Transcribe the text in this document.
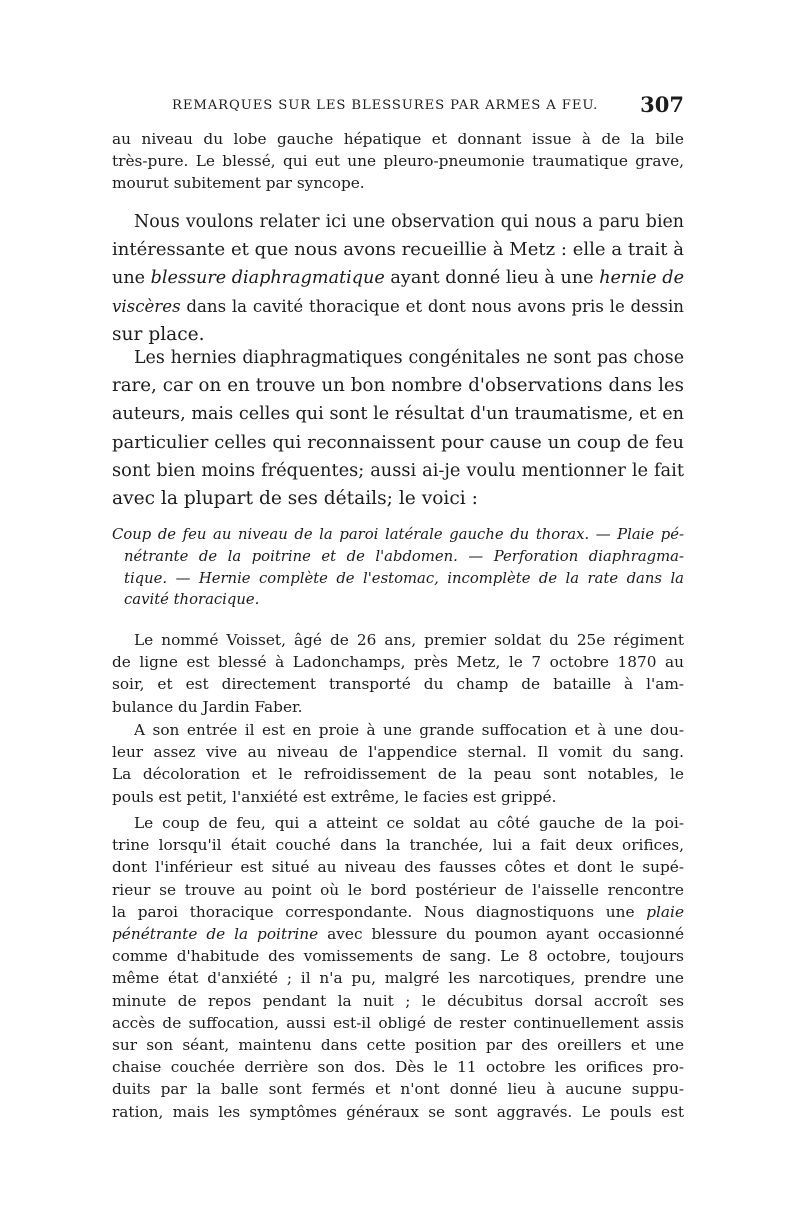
REMARQUES SUR LES BLESSURES PAR ARMES A FEU. 307
au niveau du lobe gauche hépatique et donnant issue à de la bile
très-pure. Le blessé, qui eut une pleuro-pneumonie traumatique grave,
mourut subitement par syncope.
Nous voulons relater ici une observation qui nous a paru bien
intéressante et que nous avons recueillie à Metz : elle a trait à
une blessure diaphragmatique ayant donné lieu à une hernie de
viscères dans la cavité thoracique et dont nous avons pris le dessin
sur place.
Les hernies diaphragmatiques congénitales ne sont pas chose
rare, car on en trouve un bon nombre d'observations dans les
auteurs, mais celles qui sont le résultat d'un traumatisme, et en
particulier celles qui reconnaissent pour cause un coup de feu
sont bien moins fréquentes; aussi ai-je voulu mentionner le fait
avec la plupart de ses détails; le voici :
Coup de feu au niveau de la paroi latérale gauche du thorax. — Plaie pé-
nétrante de la poitrine et de l'abdomen. — Perforation diaphragma-
tique. — Hernie complète de l'estomac, incomplète de la rate dans la
cavité thoracique.
Le nommé Voisset, âgé de 26 ans, premier soldat du 25e régiment
de ligne est blessé à Ladonchamps, près Metz, le 7 octobre 1870 au
soir, et est directement transporté du champ de bataille à l'am-
bulance du Jardin Faber.
A son entrée il est en proie à une grande suffocation et à une dou-
leur assez vive au niveau de l'appendice sternal. Il vomit du sang.
La décoloration et le refroidissement de la peau sont notables, le
pouls est petit, l'anxiété est extrême, le facies est grippé.
Le coup de feu, qui a atteint ce soldat au côté gauche de la poi-
trine lorsqu'il était couché dans la tranchée, lui a fait deux orifices,
dont l'inférieur est situé au niveau des fausses côtes et dont le supé-
rieur se trouve au point où le bord postérieur de l'aisselle rencontre
la paroi thoracique correspondante. Nous diagnostiquons une plaie
pénétrante de la poitrine avec blessure du poumon ayant occasionné
comme d'habitude des vomissements de sang. Le 8 octobre, toujours
même état d'anxiété ; il n'a pu, malgré les narcotiques, prendre une
minute de repos pendant la nuit ; le décubitus dorsal accroît ses
accès de suffocation, aussi est-il obligé de rester continuellement assis
sur son séant, maintenu dans cette position par des oreillers et une
chaise couchée derrière son dos. Dès le 11 octobre les orifices pro-
duits par la balle sont fermés et n'ont donné lieu à aucune suppu-
ration, mais les symptômes généraux se sont aggravés. Le pouls est
